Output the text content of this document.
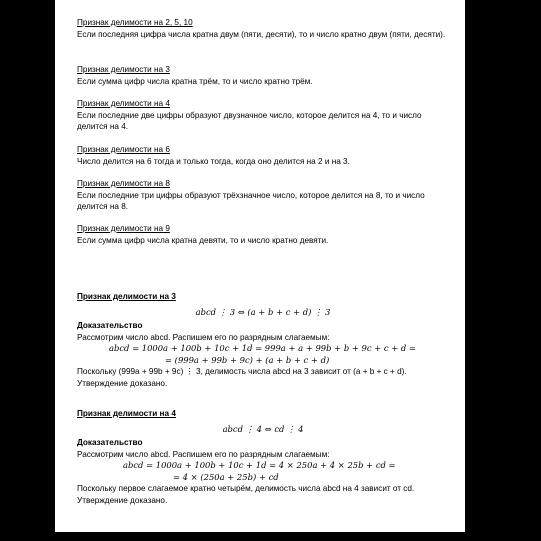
Признак делимости на 2, 5, 10
Если последняя цифра числа кратна двум (пяти, десяти), то и число кратно двум (пяти, десяти).
Признак делимости на 3
Если сумма цифр числа кратна трём, то и число кратно трём.
Признак делимости на 4
Если последние две цифры образуют двузначное число, которое делится на 4, то и число делится на 4.
Признак делимости на 6
Число делится на 6 тогда и только тогда, когда оно делится на 2 и на 3.
Признак делимости на 8
Если последние три цифры образуют трёхзначное число, которое делится на 8, то и число делится на 8.
Признак делимости на 9
Если сумма цифр числа кратна девяти, то и число кратно девяти.
Признак делимости на 3
abcd ⋮ 3 ⇔ (a + b + c + d) ⋮ 3
Доказательство
Рассмотрим число abcd. Распишем его по разрядным слагаемым:
abcd = 1000a + 100b + 10c + 1d = 999a + a + 99b + b + 9c + c + d =
= (999a + 99b + 9c) + (a + b + c + d)
Поскольку (999a + 99b + 9c) ⋮ 3, делимость числа abcd на 3 зависит от (a + b + c + d).
Утверждение доказано.
Признак делимости на 4
abcd ⋮ 4 ⇔ cd ⋮ 4
Доказательство
Рассмотрим число abcd. Распишем его по разрядным слагаемым:
abcd = 1000a + 100b + 10c + 1d = 4 × 250a + 4 × 25b + cd =
= 4 × (250a + 25b) + cd
Поскольку первое слагаемое кратно четырём, делимость числа abcd на 4 зависит от cd.
Утверждение доказано.
